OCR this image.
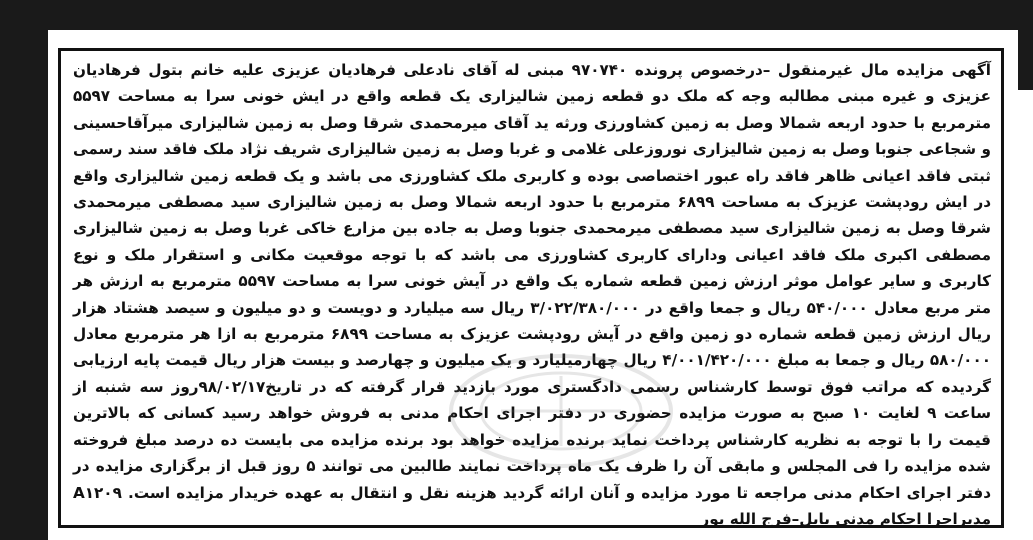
آگهی مزایده مال غیرمنقول –درخصوص پرونده ۹۷۰۷۴۰ مبنی له آقای نادعلی فرهادیان عزیزی علیه خانم بتول فرهادیان عزیزی و غیره مبنی مطالبه وجه که ملک دو قطعه زمین شالیزاری یک قطعه واقع در ایش خونی سرا به مساحت ۵۵۹۷ مترمربع با حدود اربعه شمالا وصل به زمین کشاورزی ورثه ید آقای میرمحمدی شرقا وصل به زمین شالیزاری میرآقاحسینی و شجاعی جنوبا وصل به زمین شالیزاری نوروزعلی غلامی و غربا وصل به زمین شالیزاری شریف نژاد ملک فاقد سند رسمی ثبتی فاقد اعیانی ظاهر فاقد راه عبور اختصاصی بوده و کاربری ملک کشاورزی می باشد و یک قطعه زمین شالیزاری واقع در ایش رودپشت عزیزک به مساحت ۶۸۹۹ مترمربع با حدود اربعه شمالا وصل به زمین شالیزاری سید مصطفی میرمحمدی شرقا وصل به زمین شالیزاری سید مصطفی میرمحمدی جنوبا وصل به جاده بین مزارع خاکی غربا وصل به زمین شالیزاری مصطفی اکبری ملک فاقد اعیانی ودارای کاربری کشاورزی می باشد که با توجه موقعیت مکانی و استقرار ملک و نوع کاربری و سایر عوامل موثر ارزش زمین قطعه شماره یک واقع در آیش خونی سرا به مساحت ۵۵۹۷ مترمربع به ارزش هر متر مربع معادل ۵۴۰/۰۰۰ ریال و جمعا واقع در ۳/۰۲۲/۳۸۰/۰۰۰ ریال سه میلیارد و دویست و دو میلیون و سیصد هشتاد هزار ریال ارزش زمین قطعه شماره دو زمین واقع در آیش رودپشت عزیزک به مساحت ۶۸۹۹ مترمربع به ازا هر مترمربع معادل ۵۸۰/۰۰۰ ریال و جمعا به مبلغ ۴/۰۰۱/۴۲۰/۰۰۰ ریال چهارمیلیارد و یک میلیون و چهارصد و بیست هزار ریال قیمت پایه ارزیابی گردیده که مراتب فوق توسط کارشناس رسمی دادگستری مورد بازدید قرار گرفته که در تاریخ۹۸/۰۲/۱۷روز سه شنبه از ساعت ۹ لغایت ۱۰ صبح به صورت مزایده حضوری در دفتر اجرای احکام مدنی به فروش خواهد رسید کسانی که بالاترین قیمت را با توجه به نظریه کارشناس پرداخت نماید برنده مزایده خواهد بود برنده مزایده می بایست ده درصد مبلغ فروخته شده مزایده را فی المجلس و مابقی آن را ظرف یک ماه پرداخت نمایند طالبین می توانند ۵ روز قبل از برگزاری مزایده در دفتر اجرای احکام مدنی مراجعه تا مورد مزایده و آنان ارائه گردید هزینه نقل و انتقال به عهده خریدار مزایده است. A۱۲۰۹ مدیراجرا احکام مدنی بابل–فرج الله پور
